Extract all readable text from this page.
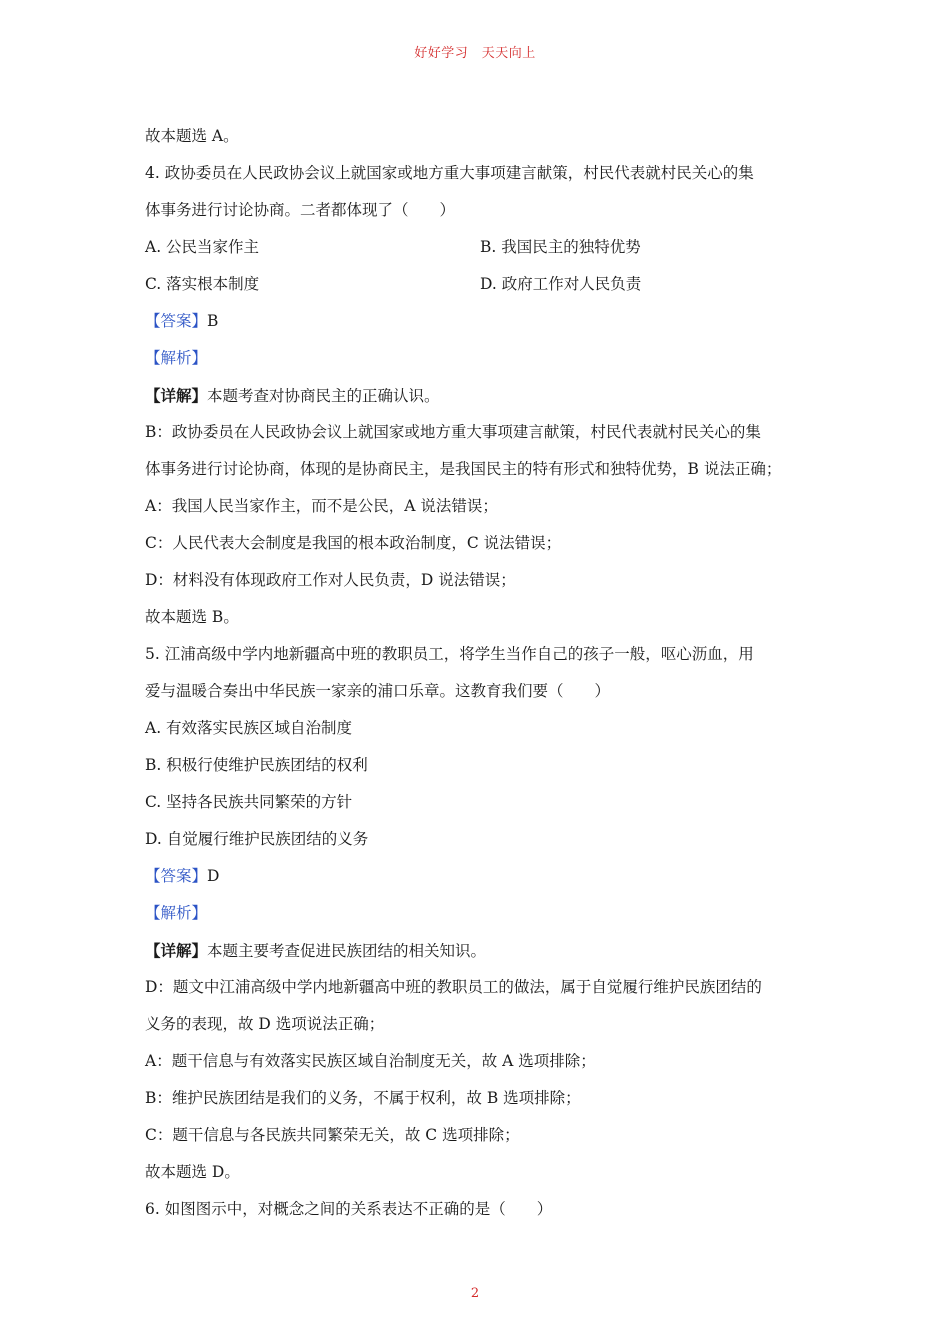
好好学习　天天向上
故本题选 A。
4. 政协委员在人民政协会议上就国家或地方重大事项建言献策，村民代表就村民关心的集
体事务进行讨论协商。二者都体现了（　　）
A. 公民当家作主	B. 我国民主的独特优势
C. 落实根本制度	D. 政府工作对人民负责
【答案】B
【解析】
【详解】本题考查对协商民主的正确认识。
B：政协委员在人民政协会议上就国家或地方重大事项建言献策，村民代表就村民关心的集
体事务进行讨论协商，体现的是协商民主，是我国民主的特有形式和独特优势，B 说法正确；
A：我国人民当家作主，而不是公民，A 说法错误；
C：人民代表大会制度是我国的根本政治制度，C 说法错误；
D：材料没有体现政府工作对人民负责，D 说法错误；
故本题选 B。
5. 江浦高级中学内地新疆高中班的教职员工，将学生当作自己的孩子一般，呕心沥血，用
爱与温暖合奏出中华民族一家亲的浦口乐章。这教育我们要（　　）
A. 有效落实民族区域自治制度
B. 积极行使维护民族团结的权利
C. 坚持各民族共同繁荣的方针
D. 自觉履行维护民族团结的义务
【答案】D
【解析】
【详解】本题主要考查促进民族团结的相关知识。
D：题文中江浦高级中学内地新疆高中班的教职员工的做法，属于自觉履行维护民族团结的
义务的表现，故 D 选项说法正确；
A：题干信息与有效落实民族区域自治制度无关，故 A 选项排除；
B：维护民族团结是我们的义务，不属于权利，故 B 选项排除；
C：题干信息与各民族共同繁荣无关，故 C 选项排除；
故本题选 D。
6. 如图图示中，对概念之间的关系表达不正确的是（　　）
2
